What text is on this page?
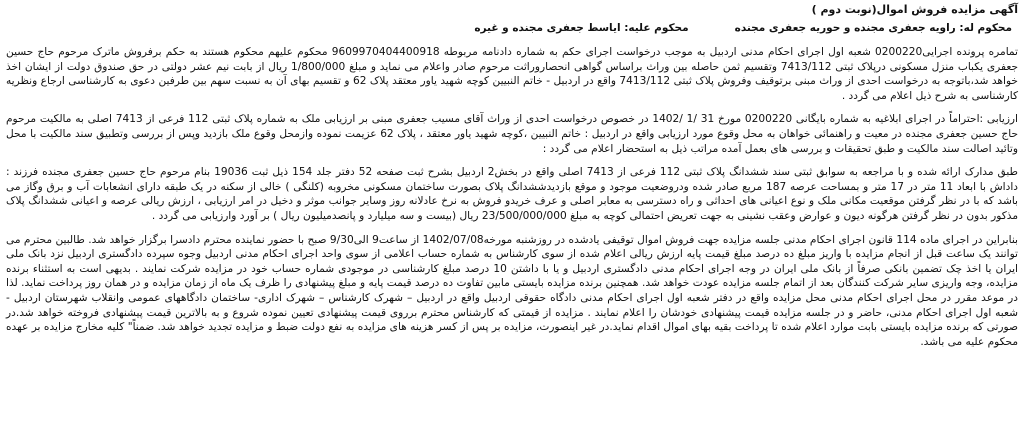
آگهی مزایده فروش اموال(نوبت دوم )
محکوم له: راویه جعفری مجنده و حوریه جعفری مجنده
محکوم علیه: ایاسط جعفری مجنده و غیره

تمامره پرونده اجرایی0200220 شعبه اول اجرای احکام مدنی اردبیل به موجب درخواست اجرای حکم به شماره دادنامه مربوطه 9609970404400918 محکوم علیهم محکوم هستند به حکم برفروش ماترک مرحوم حاج حسین جعفری یکباب منزل مسکونی درپلاک ثبتی 7413/112 وتقسیم ثمن حاصله بین وراث براساس گواهی انحصاروراثت مرحوم صادر واعلام می نماید و مبلغ 1/800/000 ریال از بابت نیم عشر دولتی در حق صندوق دولت از ایشان اخذ خواهد شد،باتوجه به درخواست احدی از وراث مبنی برتوقیف وفروش پلاک ثبتی 7413/112 واقع در اردبیل - خاتم النبیین کوچه شهید یاور معتقد پلاک 62 و تقسیم بهای آن به نسبت سهم بین طرفین دعوی به کارشناسی ارجاع ونظریه کارشناسی به شرح ذیل اعلام می گردد .

ارزیابی :احتراماً در اجرای ابلاغیه به شماره بایگانی 0200220 مورخ 31 /1 /1402 در خصوص درخواست احدی از وراث آقای مسیب جعفری مبنی بر ارزیابی ملک به شماره پلاک ثبتی 112 فرعی از 7413 اصلی به مالکیت مرحوم حاج حسین جعفری مجنده در معیت و راهنمائی خواهان به محل وقوع مورد ارزیابی واقع در اردبیل : خاتم النبیین ،کوچه شهید یاور معتقد ، پلاک 62 عزیمت نموده وازمحل وقوع ملک بازدید وپس از بررسی وتطبیق سند مالکیت با محل وتائید اصالت سند مالکیت و طبق تحقیقات و بررسی های بعمل آمده مراتب ذیل به استحضار اعلام می گردد :

طبق مدارک ارائه شده و با مراجعه به سوابق ثبتی سند ششدانگ پلاک ثبتی 112 فرعی از 7413 اصلی واقع در بخش2 اردبیل بشرح ثبت صفحه 52 دفتر جلد 154 ذیل ثبت 19036 بنام مرحوم حاج حسین جعفری مجنده فرزند : داداش با ابعاد 11 متر در 17 متر و بمساحت عرصه 187 مربع صادر شده ودروضعیت موجود و موقع بازدیدششدانگ پلاک بصورت ساختمان مسکونی مخروبه (کلنگی ) خالی از سکنه در یک طبقه دارای انشعابات آب و برق وگاز می باشد که با در نظر گرفتن موقعیت مکانی ملک و نوع اعیانی های احداثی و راه دسترسی به معابر اصلی و عرف خریدو فروش به نرخ عادلانه روز وسایر جوانب موثر و دخیل در امر ارزیابی ، ارزش ریالی عرصه و اعیانی ششدانگ پلاک مذکور بدون در نظر گرفتن هرگونه دیون و عوارض وعقب نشینی به جهت تعریض احتمالی کوچه به مبلغ 23/500/000/000 ریال (بیست و سه میلیارد و پانصدمیلیون ریال ) بر آورد وارزیابی می گردد .

بنابراین در اجرای ماده 114 قانون اجرای احکام مدنی جلسه مزایده جهت فروش اموال توقیفی یادشده در روزشنبه مورخه1402/07/08 از ساعت9 الی9/30 صبح با حضور نماینده محترم دادسرا برگزار خواهد شد. طالبین محترم می توانند یک ساعت قبل از انجام مزایده با واریز مبلغ ده درصد مبلغ قیمت پایه ارزش ریالی اعلام شده از سوی کارشناس به شماره حساب اعلامی از سوی واحد اجرای احکام مدنی اردبیل وجوه سپرده دادگستری اردبیل نزد بانک ملی ایران یا اخذ چک تضمین بانکی صرفاً از بانک ملی ایران در وجه اجرای احکام مدنی دادگستری اردبیل و یا با داشتن 10 درصد مبلغ کارشناسی در موجودی شماره حساب خود در مزایده شرکت نمایند . بدیهی است به استثناء برنده مزایده، وجه واریزی سایر شرکت کنندگان بعد از اتمام جلسه مزایده عودت خواهد شد. همچنین برنده مزایده بایستی مابین تفاوت ده درصد قیمت پایه و مبلغ پیشنهادی را ظرف یک ماه از زمان مزایده و در همان روز پرداخت نماید. لذا در موعد مقرر در محل اجرای احکام مدنی محل مزایده واقع در دفتر شعبه اول اجرای احکام مدنی دادگاه حقوقی اردبیل واقع در اردبیل – شهرک کارشناس – شهرک اداری- ساختمان دادگاههای عمومی وانقلاب شهرستان اردبیل - شعبه اول اجرای احکام مدنی، حاضر و در جلسه مزایده قیمت پیشنهادی خودشان را اعلام نمایند . مزایده از قیمتی که کارشناس محترم برروی قیمت پیشنهادی تعیین نموده شروع و به بالاترین قیمت پیشنهادی فروخته خواهد شد.در صورتی که برنده مزایده بایستی بابت موارد اعلام شده تا پرداخت بقیه بهای اموال اقدام نماید.در غیر اینصورت، مزایده بر پس از کسر هزینه های مزایده به نفع دولت ضبط و مزایده تجدید خواهد شد. ضمناً" کلیه مخارج مزایده بر عهده محکوم علیه می باشد.
